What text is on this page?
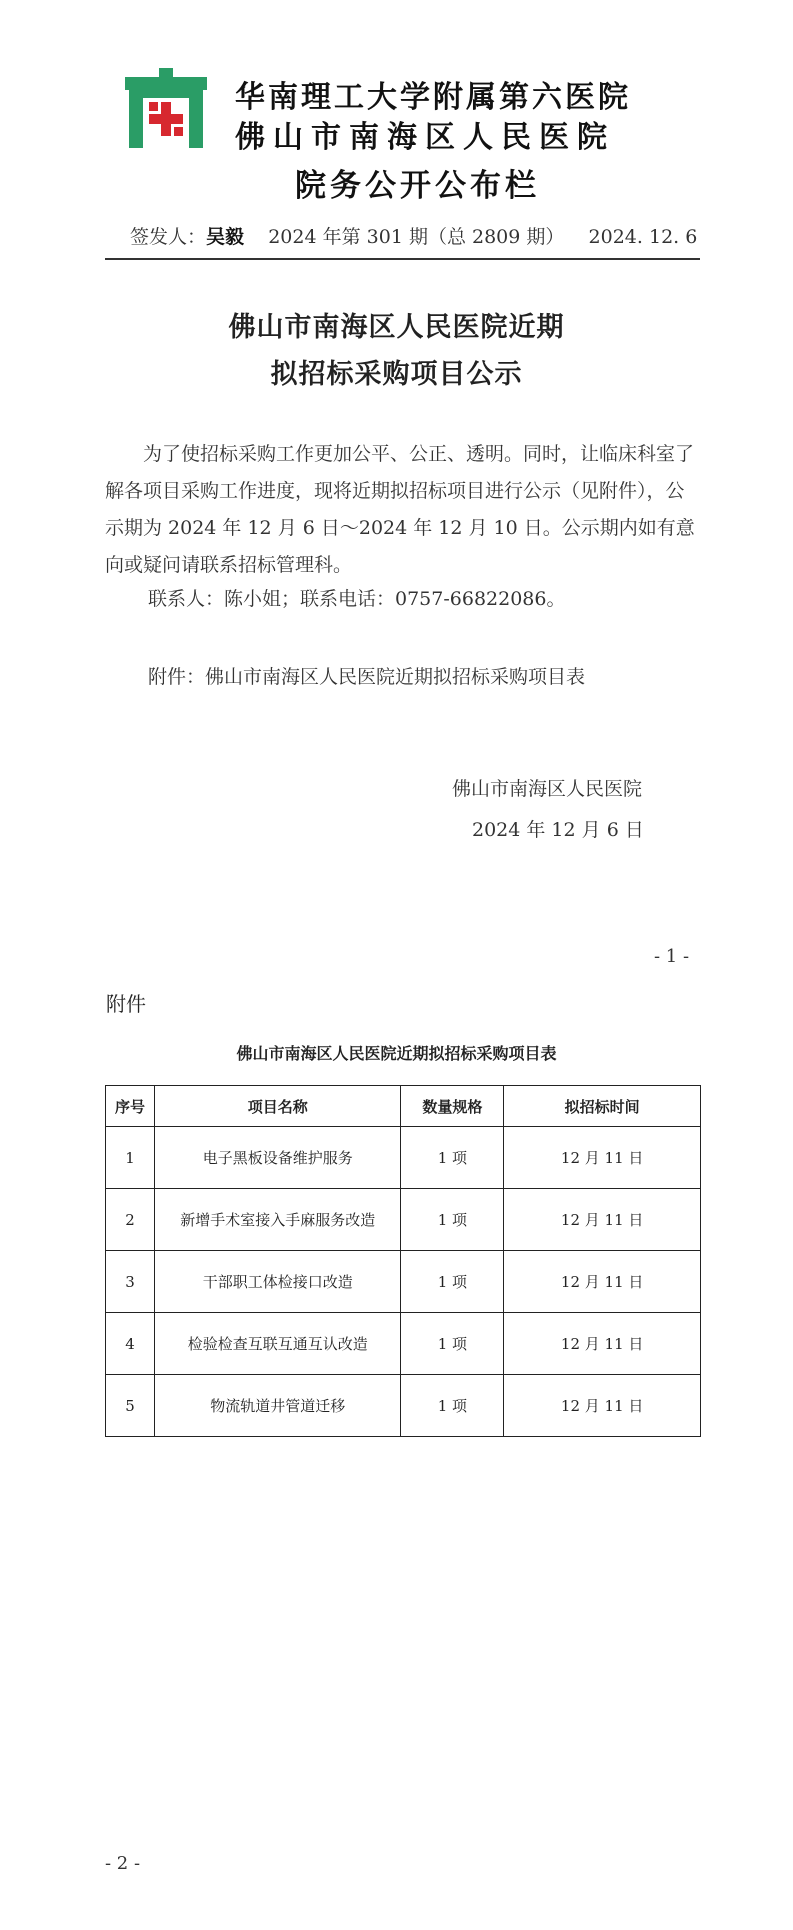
华南理工大学附属第六医院
佛山市南海区人民医院
院务公开公布栏
签发人：吴毅 2024 年第 301 期（总 2809 期） 2024. 12. 6
佛山市南海区人民医院近期
拟招标采购项目公示
为了使招标采购工作更加公平、公正、透明。同时，让临床科室了解各项目采购工作进度，现将近期拟招标项目进行公示（见附件），公示期为 2024 年 12 月 6 日～2024 年 12 月 10 日。公示期内如有意向或疑问请联系招标管理科。
联系人：陈小姐；联系电话：0757-66822086。
附件：佛山市南海区人民医院近期拟招标采购项目表
佛山市南海区人民医院
2024 年 12 月 6 日
- 1 -
附件
佛山市南海区人民医院近期拟招标采购项目表
序号	项目名称	数量规格	拟招标时间
1	电子黑板设备维护服务	1 项	12 月 11 日
2	新增手术室接入手麻服务改造	1 项	12 月 11 日
3	干部职工体检接口改造	1 项	12 月 11 日
4	检验检查互联互通互认改造	1 项	12 月 11 日
5	物流轨道井管道迁移	1 项	12 月 11 日
- 2 -
